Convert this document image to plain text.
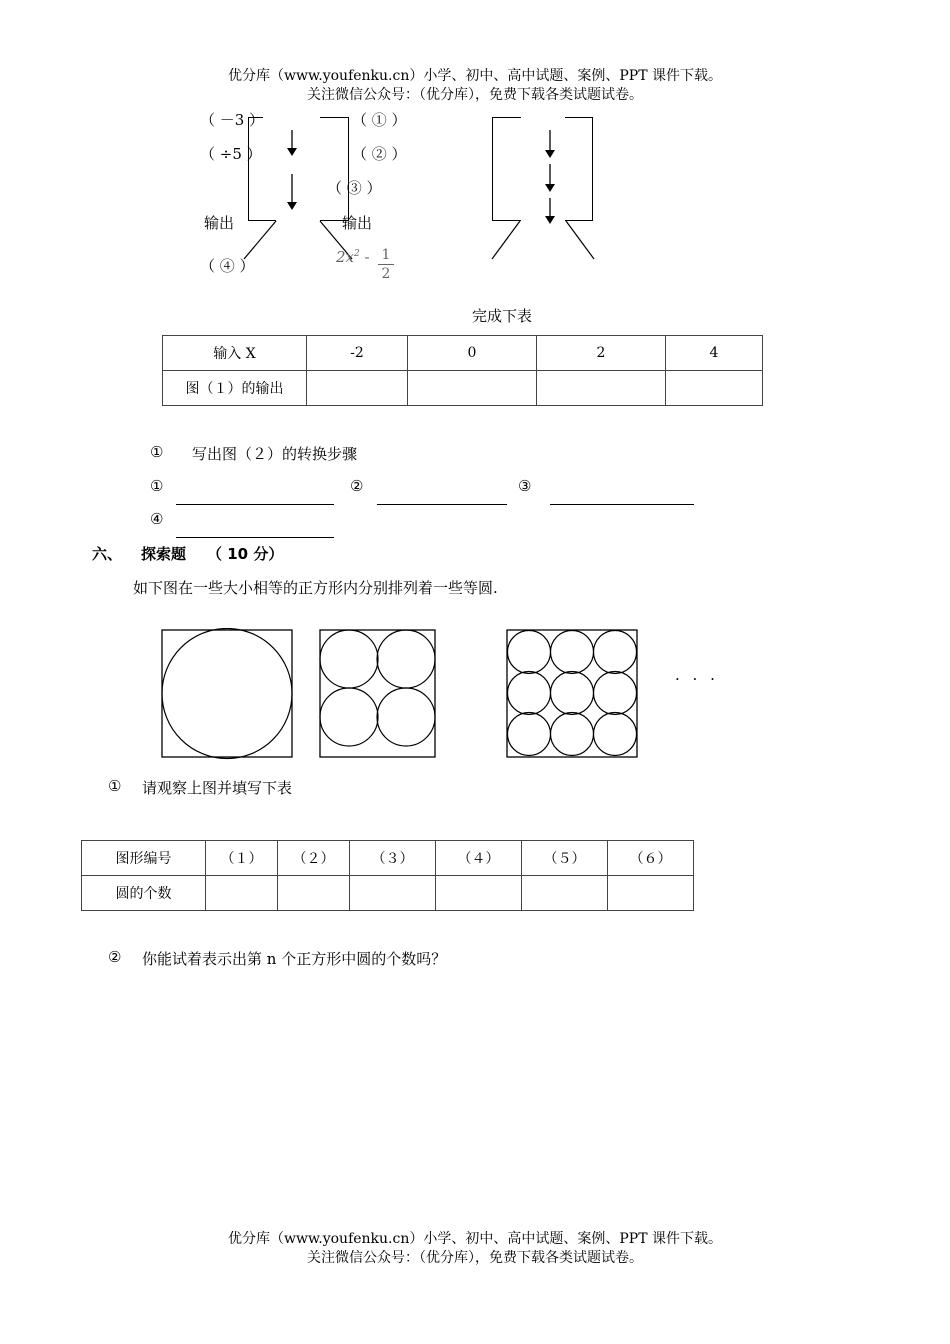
优分库（www.youfenku.cn）小学、初中、高中试题、案例、PPT 课件下载。
关注微信公众号：（优分库），免费下载各类试题试卷。
（ －3 ）
（ ÷5 ）
输出
（ ④ ）
（ ① ）
（ ② ）
（ ③ ）
输出
$2x^2 - \frac{1}{2}$
完成下表
输入 X	-2	0	2	4
图（１）的输出				
① 写出图（２）的转换步骤
①	②	③
④
六、 探索题 （ 10 分）
如下图在一些大小相等的正方形内分别排列着一些等圆.
· · ·
① 请观察上图并填写下表
图形编号	（１）	（２）	（３）	（４）	（５）	（６）
圆的个数						
② 你能试着表示出第 n 个正方形中圆的个数吗？
优分库（www.youfenku.cn）小学、初中、高中试题、案例、PPT 课件下载。
关注微信公众号：（优分库），免费下载各类试题试卷。
